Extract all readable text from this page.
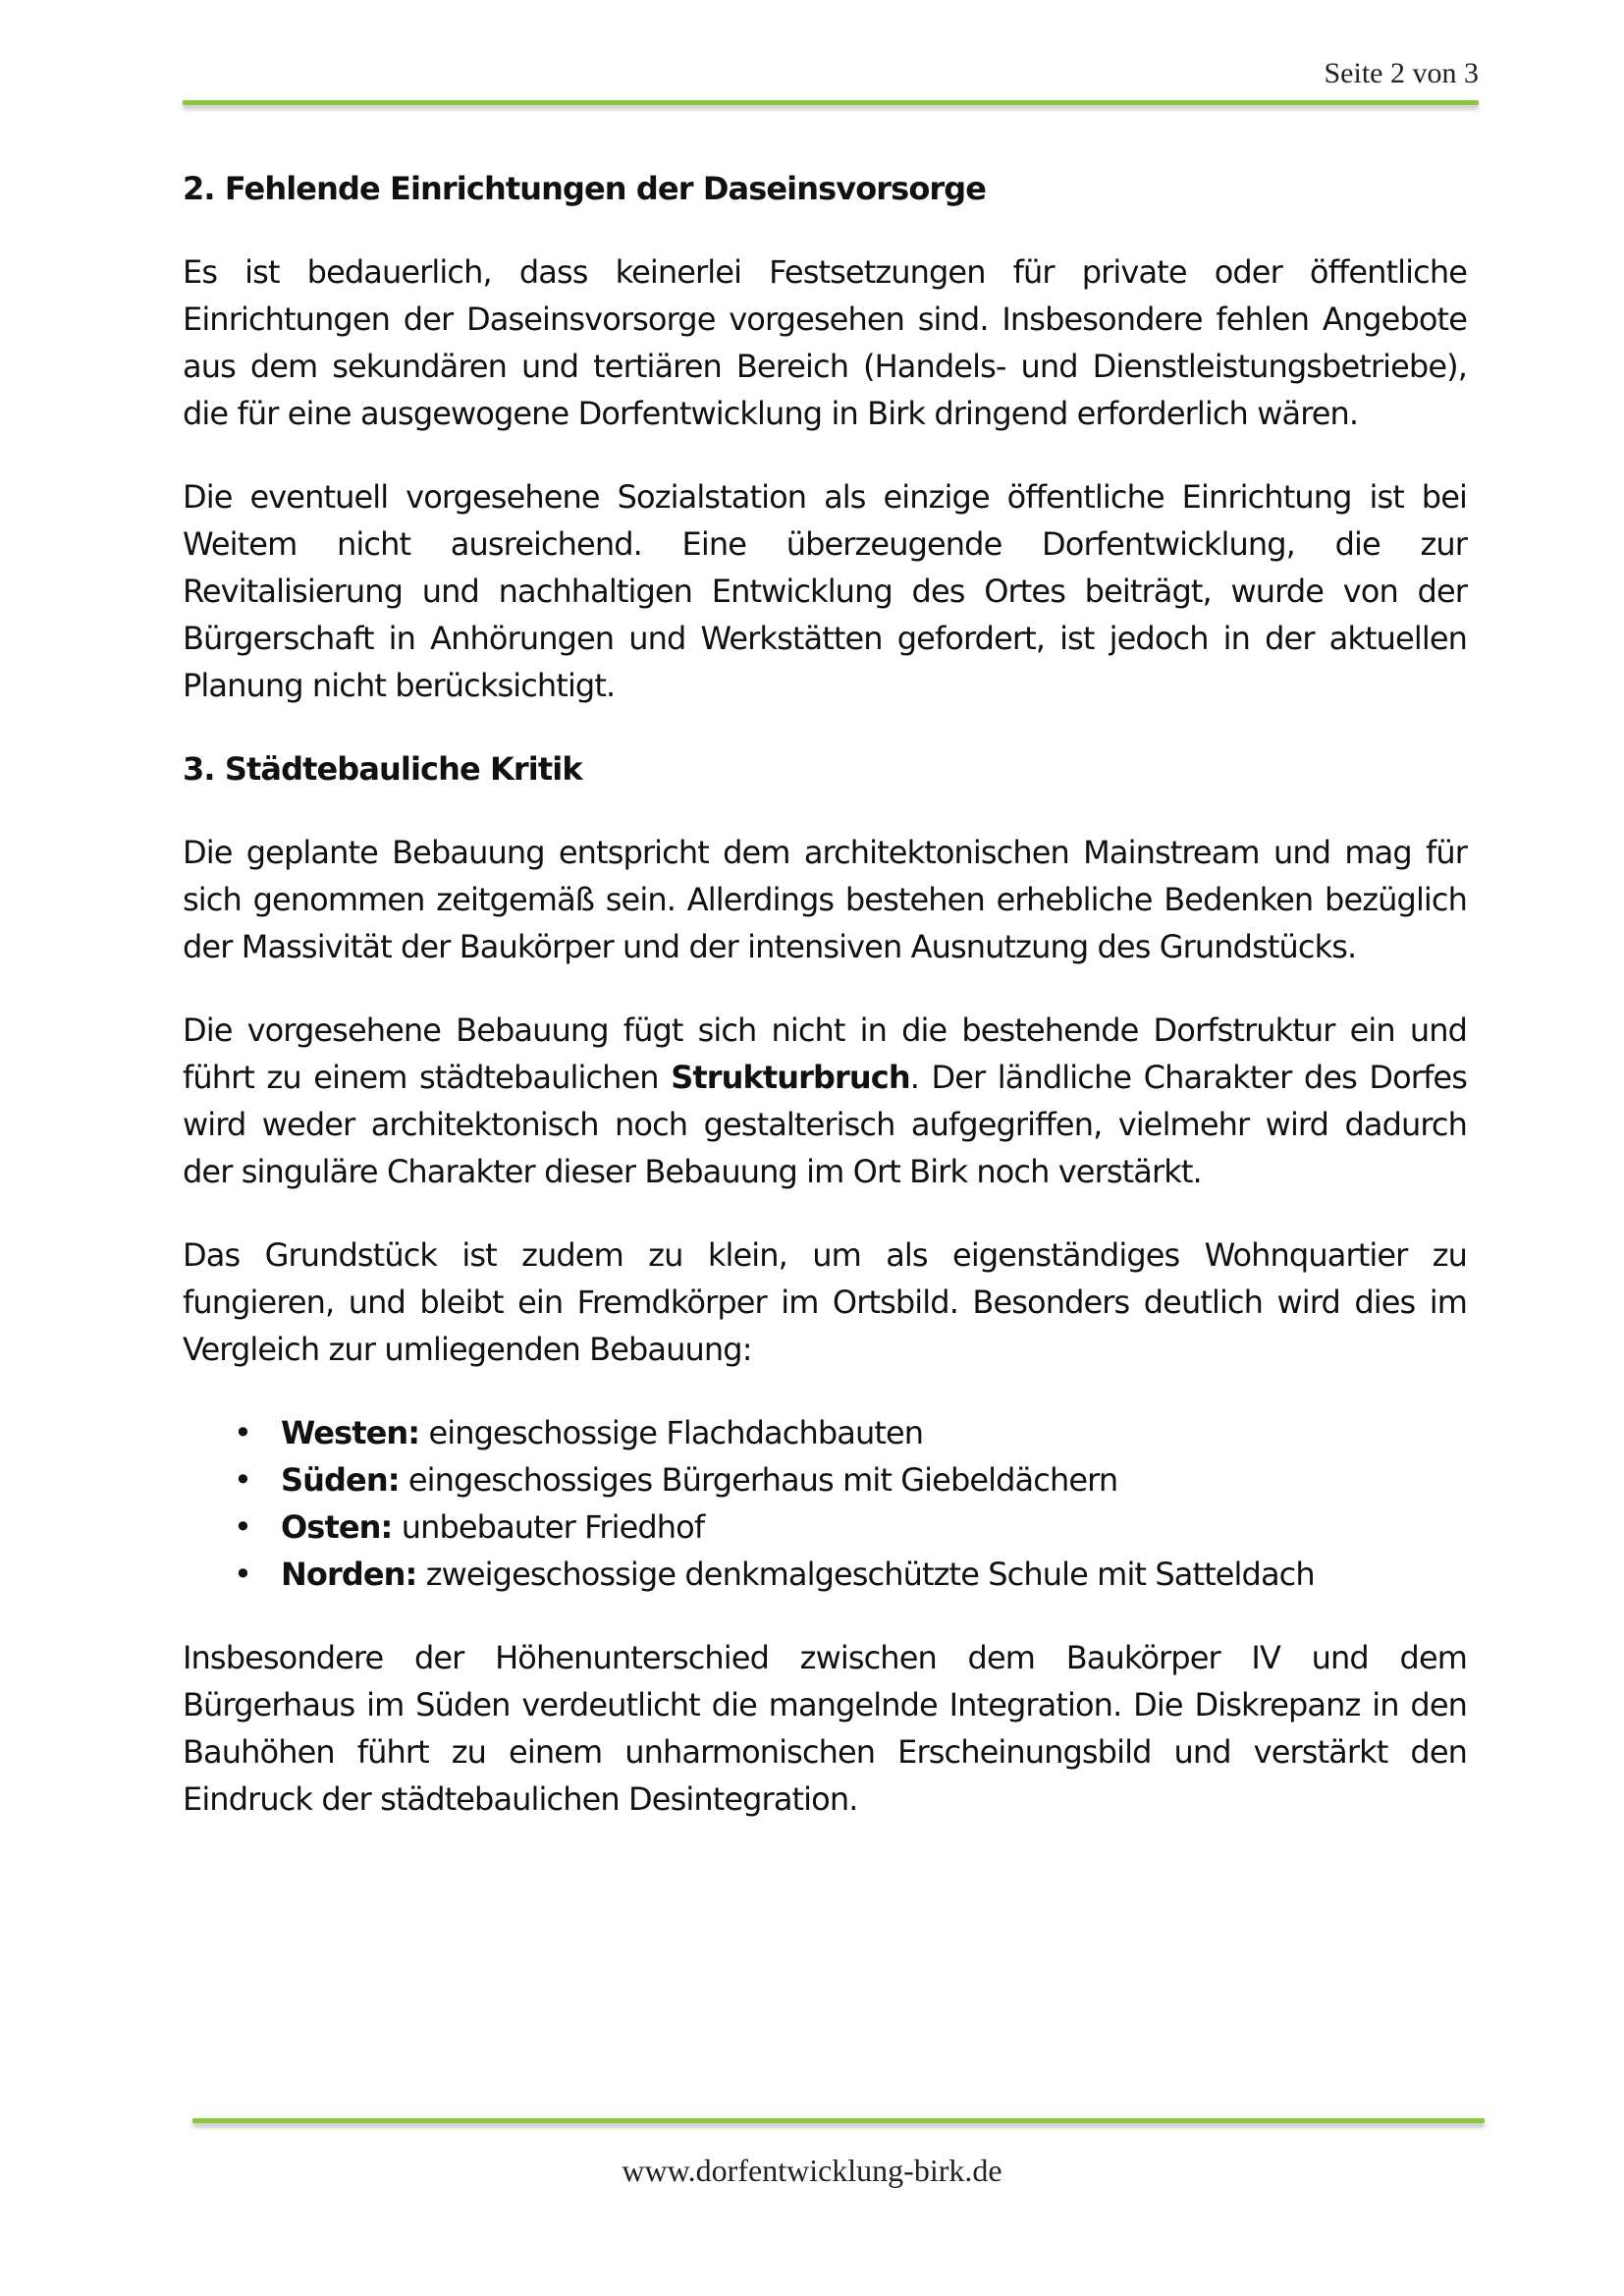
Seite 2 von 3
2. Fehlende Einrichtungen der Daseinsvorsorge

Es ist bedauerlich, dass keinerlei Festsetzungen für private oder öffentliche Einrichtungen der Daseinsvorsorge vorgesehen sind. Insbesondere fehlen Angebote aus dem sekundären und tertiären Bereich (Handels- und Dienstleistungsbetriebe), die für eine ausgewogene Dorfentwicklung in Birk dringend erforderlich wären.

Die eventuell vorgesehene Sozialstation als einzige öffentliche Einrichtung ist bei Weitem nicht ausreichend. Eine überzeugende Dorfentwicklung, die zur Revitalisierung und nachhaltigen Entwicklung des Ortes beiträgt, wurde von der Bürgerschaft in Anhörungen und Werkstätten gefordert, ist jedoch in der aktuellen Planung nicht berücksichtigt.

3. Städtebauliche Kritik

Die geplante Bebauung entspricht dem architektonischen Mainstream und mag für sich genommen zeitgemäß sein. Allerdings bestehen erhebliche Bedenken bezüglich der Massivität der Baukörper und der intensiven Ausnutzung des Grundstücks.

Die vorgesehene Bebauung fügt sich nicht in die bestehende Dorfstruktur ein und führt zu einem städtebaulichen Strukturbruch. Der ländliche Charakter des Dorfes wird weder architektonisch noch gestalterisch aufgegriffen, vielmehr wird dadurch der singuläre Charakter dieser Bebauung im Ort Birk noch verstärkt.

Das Grundstück ist zudem zu klein, um als eigenständiges Wohnquartier zu fungieren, und bleibt ein Fremdkörper im Ortsbild. Besonders deutlich wird dies im Vergleich zur umliegenden Bebauung:

• Westen: eingeschossige Flachdachbauten
• Süden: eingeschossiges Bürgerhaus mit Giebeldächern
• Osten: unbebauter Friedhof
• Norden: zweigeschossige denkmalgeschützte Schule mit Satteldach

Insbesondere der Höhenunterschied zwischen dem Baukörper IV und dem Bürgerhaus im Süden verdeutlicht die mangelnde Integration. Die Diskrepanz in den Bauhöhen führt zu einem unharmonischen Erscheinungsbild und verstärkt den Eindruck der städtebaulichen Desintegration.

www.dorfentwicklung-birk.de
